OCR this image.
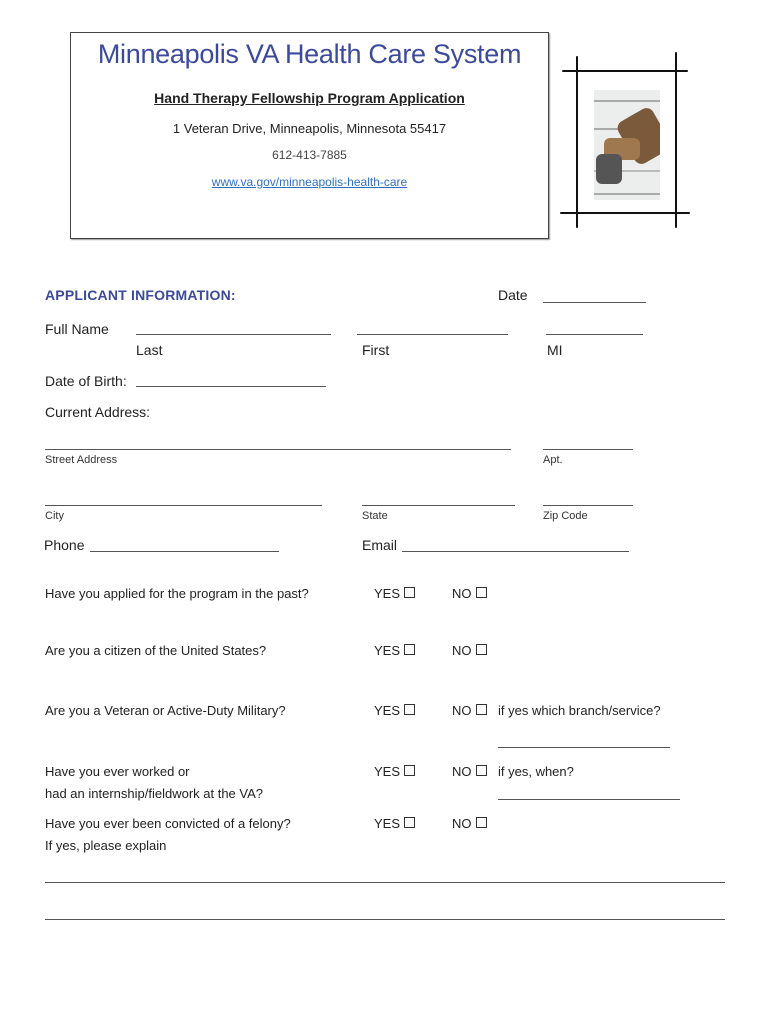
Minneapolis VA Health Care System
Hand Therapy Fellowship Program Application
1 Veteran Drive, Minneapolis, Minnesota 55417
612-413-7885
www.va.gov/minneapolis-health-care
APPLICANT INFORMATION:	Date
Full Name
Last	First	MI
Date of Birth:
Current Address:
Street Address	Apt.
City	State	Zip Code
Phone	Email
Have you applied for the program in the past?	YES	NO
Are you a citizen of the United States?	YES	NO
Are you a Veteran or Active-Duty Military?	YES	NO	if yes which branch/service?
Have you ever worked or
had an internship/fieldwork at the VA?
YES	NO	if yes, when?
Have you ever been convicted of a felony?
If yes, please explain
YES	NO
